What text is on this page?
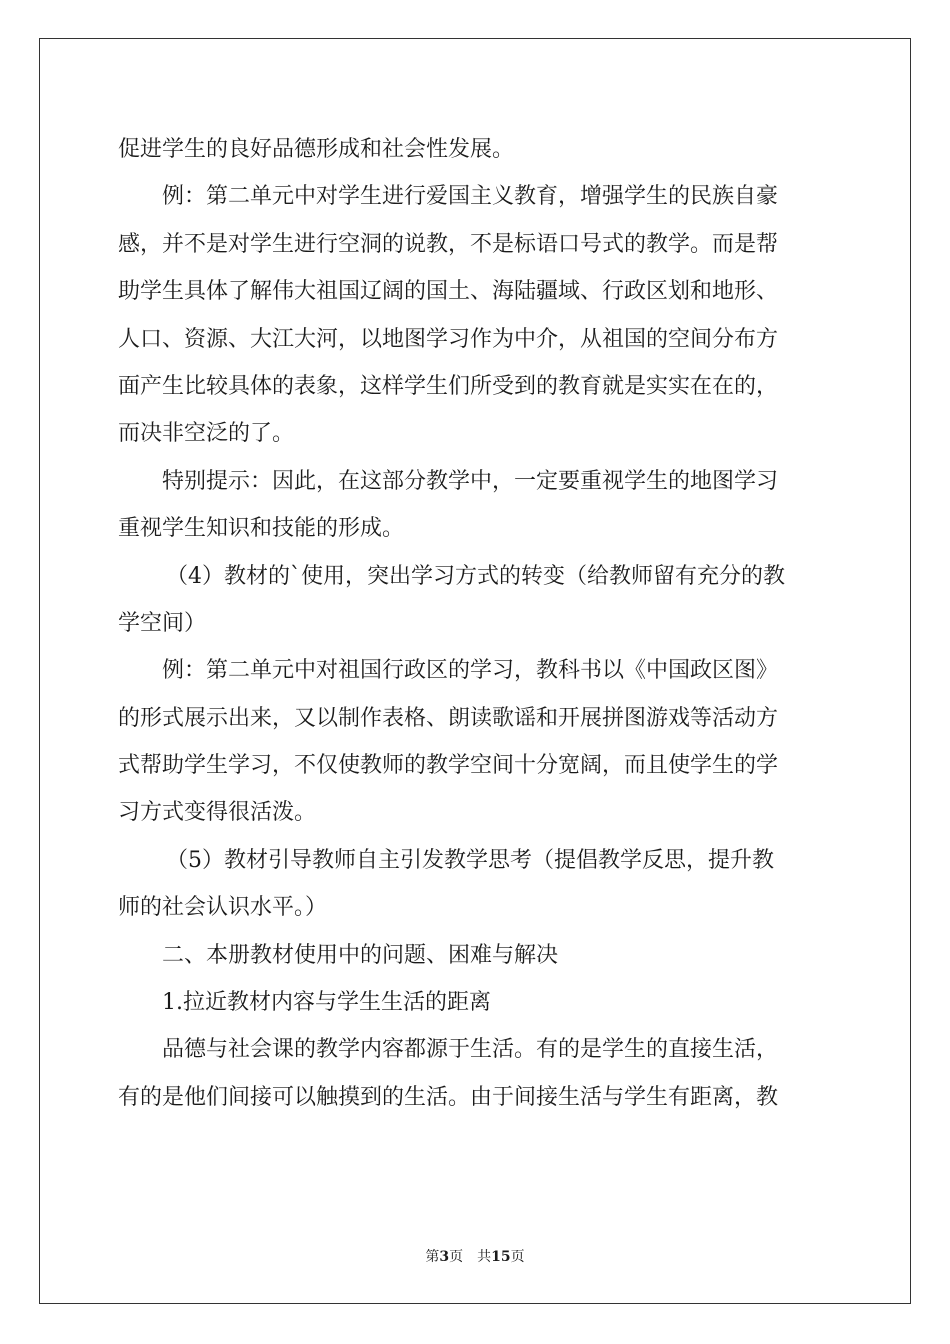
促进学生的良好品德形成和社会性发展。
例：第二单元中对学生进行爱国主义教育，增强学生的民族自豪
感，并不是对学生进行空洞的说教，不是标语口号式的教学。而是帮
助学生具体了解伟大祖国辽阔的国土、海陆疆域、行政区划和地形、
人口、资源、大江大河，以地图学习作为中介，从祖国的空间分布方
面产生比较具体的表象，这样学生们所受到的教育就是实实在在的，
而决非空泛的了。
特别提示：因此，在这部分教学中，一定要重视学生的地图学习
重视学生知识和技能的形成。
（4）教材的`使用，突出学习方式的转变（给教师留有充分的教
学空间）
例：第二单元中对祖国行政区的学习，教科书以《中国政区图》
的形式展示出来，又以制作表格、朗读歌谣和开展拼图游戏等活动方
式帮助学生学习，不仅使教师的教学空间十分宽阔，而且使学生的学
习方式变得很活泼。
（5）教材引导教师自主引发教学思考（提倡教学反思，提升教
师的社会认识水平。）
二、本册教材使用中的问题、困难与解决
1.拉近教材内容与学生生活的距离
品德与社会课的教学内容都源于生活。有的是学生的直接生活，
有的是他们间接可以触摸到的生活。由于间接生活与学生有距离，教
第3页 共15页
